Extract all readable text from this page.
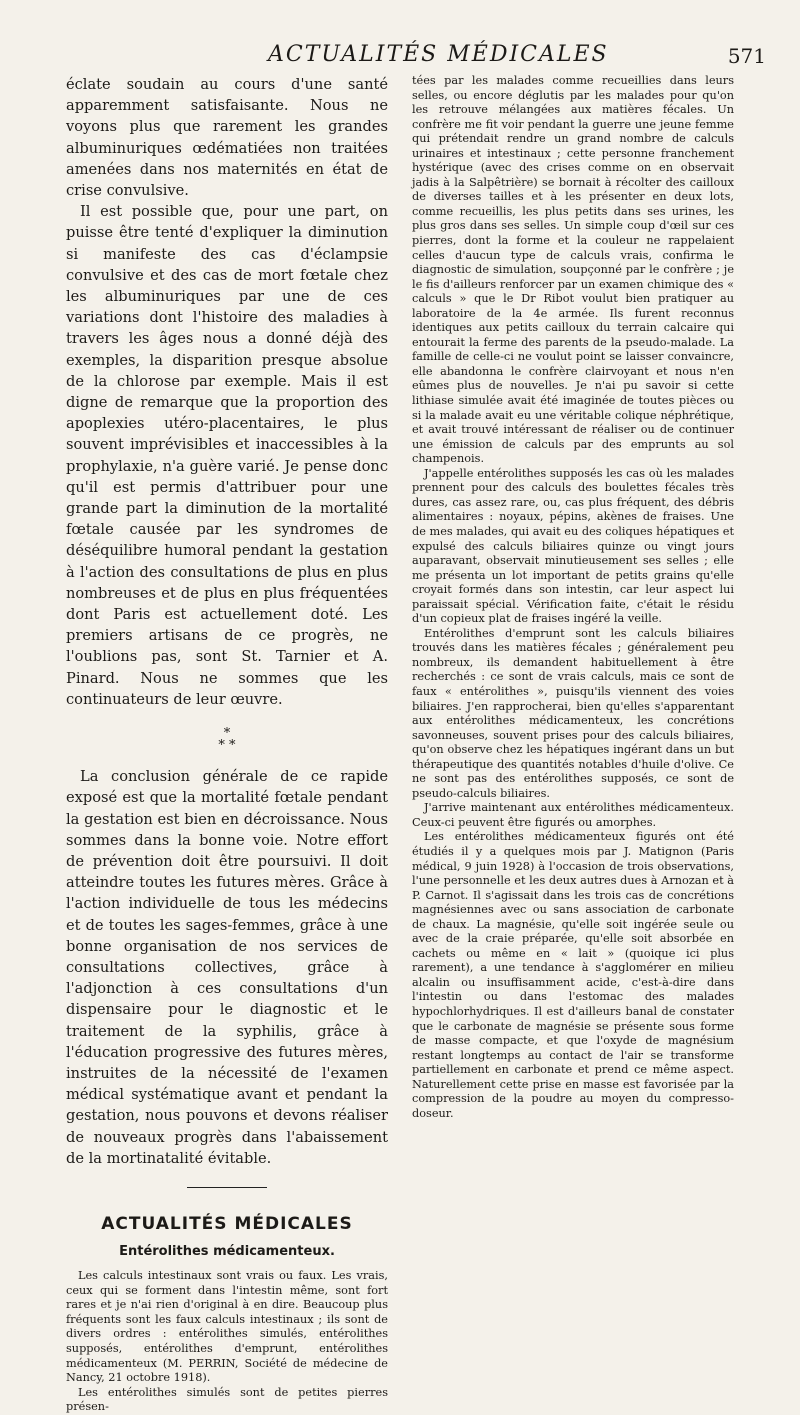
ACTUALITÉS MÉDICALES	571

éclate soudain au cours d'une santé apparemment satisfaisante. Nous ne voyons plus que rarement les grandes albuminuriques œdématiées non traitées amenées dans nos maternités en état de crise convulsive.

Il est possible que, pour une part, on puisse être tenté d'expliquer la diminution si manifeste des cas d'éclampsie convulsive et des cas de mort fœtale chez les albuminuriques par une de ces variations dont l'histoire des maladies à travers les âges nous a donné déjà des exemples, la disparition presque absolue de la chlorose par exemple. Mais il est digne de remarque que la proportion des apoplexies utéro-placentaires, le plus souvent imprévisibles et inaccessibles à la prophylaxie, n'a guère varié. Je pense donc qu'il est permis d'attribuer pour une grande part la diminution de la mortalité fœtale causée par les syndromes de déséquilibre humoral pendant la gestation à l'action des consultations de plus en plus nombreuses et de plus en plus fréquentées dont Paris est actuellement doté. Les premiers artisans de ce progrès, ne l'oublions pas, sont St. Tarnier et A. Pinard. Nous ne sommes que les continuateurs de leur œuvre.

*
* *

La conclusion générale de ce rapide exposé est que la mortalité fœtale pendant la gestation est bien en décroissance. Nous sommes dans la bonne voie. Notre effort de prévention doit être poursuivi. Il doit atteindre toutes les futures mères. Grâce à l'action individuelle de tous les médecins et de toutes les sages-femmes, grâce à une bonne organisation de nos services de consultations collectives, grâce à l'adjonction à ces consultations d'un dispensaire pour le diagnostic et le traitement de la syphilis, grâce à l'éducation progressive des futures mères, instruites de la nécessité de l'examen médical systématique avant et pendant la gestation, nous pouvons et devons réaliser de nouveaux progrès dans l'abaissement de la mortinatalité évitable.

ACTUALITÉS MÉDICALES
Entérolithes médicamenteux.

Les calculs intestinaux sont vrais ou faux. Les vrais, ceux qui se forment dans l'intestin même, sont fort rares et je n'ai rien d'original à en dire. Beaucoup plus fréquents sont les faux calculs intestinaux ; ils sont de divers ordres : entérolithes simulés, entérolithes supposés, entérolithes d'emprunt, entérolithes médicamenteux (M. PERRIN, Société de médecine de Nancy, 21 octobre 1918).

Les entérolithes simulés sont de petites pierres présen-

tées par les malades comme recueillies dans leurs selles, ou encore déglutis par les malades pour qu'on les retrouve mélangées aux matières fécales. Un confrère me fit voir pendant la guerre une jeune femme qui prétendait rendre un grand nombre de calculs urinaires et intestinaux ; cette personne franchement hystérique (avec des crises comme on en observait jadis à la Salpêtrière) se bornait à récolter des cailloux de diverses tailles et à les présenter en deux lots, comme recueillis, les plus petits dans ses urines, les plus gros dans ses selles. Un simple coup d'œil sur ces pierres, dont la forme et la couleur ne rappelaient celles d'aucun type de calculs vrais, confirma le diagnostic de simulation, soupçonné par le confrère ; je le fis d'ailleurs renforcer par un examen chimique des « calculs » que le Dr Ribot voulut bien pratiquer au laboratoire de la 4e armée. Ils furent reconnus identiques aux petits cailloux du terrain calcaire qui entourait la ferme des parents de la pseudo-malade. La famille de celle-ci ne voulut point se laisser convaincre, elle abandonna le confrère clairvoyant et nous n'en eûmes plus de nouvelles. Je n'ai pu savoir si cette lithiase simulée avait été imaginée de toutes pièces ou si la malade avait eu une véritable colique néphrétique, et avait trouvé intéressant de réaliser ou de continuer une émission de calculs par des emprunts au sol champenois.

J'appelle entérolithes supposés les cas où les malades prennent pour des calculs des boulettes fécales très dures, cas assez rare, ou, cas plus fréquent, des débris alimentaires : noyaux, pépins, akènes de fraises. Une de mes malades, qui avait eu des coliques hépatiques et expulsé des calculs biliaires quinze ou vingt jours auparavant, observait minutieusement ses selles ; elle me présenta un lot important de petits grains qu'elle croyait formés dans son intestin, car leur aspect lui paraissait spécial. Vérification faite, c'était le résidu d'un copieux plat de fraises ingéré la veille.

Entérolithes d'emprunt sont les calculs biliaires trouvés dans les matières fécales ; généralement peu nombreux, ils demandent habituellement à être recherchés : ce sont de vrais calculs, mais ce sont de faux « entérolithes », puisqu'ils viennent des voies biliaires. J'en rapprocherai, bien qu'elles s'apparentant aux entérolithes médicamenteux, les concrétions savonneuses, souvent prises pour des calculs biliaires, qu'on observe chez les hépatiques ingérant dans un but thérapeutique des quantités notables d'huile d'olive. Ce ne sont pas des entérolithes supposés, ce sont de pseudo-calculs biliaires.

J'arrive maintenant aux entérolithes médicamenteux. Ceux-ci peuvent être figurés ou amorphes.

Les entérolithes médicamenteux figurés ont été étudiés il y a quelques mois par J. Matignon (Paris médical, 9 juin 1928) à l'occasion de trois observations, l'une personnelle et les deux autres dues à Arnozan et à P. Carnot. Il s'agissait dans les trois cas de concrétions magnésiennes avec ou sans association de carbonate de chaux. La magnésie, qu'elle soit ingérée seule ou avec de la craie préparée, qu'elle soit absorbée en cachets ou même en « lait » (quoique ici plus rarement), a une tendance à s'agglomérer en milieu alcalin ou insuffisamment acide, c'est-à-dire dans l'intestin ou dans l'estomac des malades hypochlorhydriques. Il est d'ailleurs banal de constater que le carbonate de magnésie se présente sous forme de masse compacte, et que l'oxyde de magnésium restant longtemps au contact de l'air se transforme partiellement en carbonate et prend ce même aspect. Naturellement cette prise en masse est favorisée par la compression de la poudre au moyen du compresso-doseur.
